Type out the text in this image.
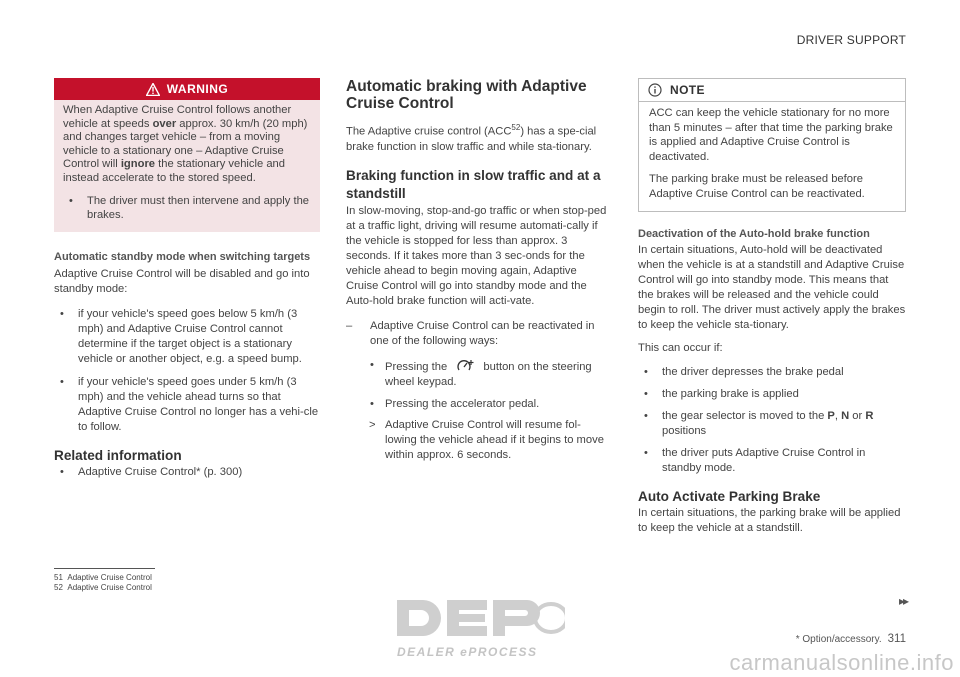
DRIVER SUPPORT
WARNING

When Adaptive Cruise Control follows another vehicle at speeds over approx. 30 km/h (20 mph) and changes target vehicle – from a moving vehicle to a stationary one – Adaptive Cruise Control will ignore the stationary vehicle and instead accelerate to the stored speed.

• The driver must then intervene and apply the brakes.
Automatic standby mode when switching targets
Adaptive Cruise Control will be disabled and go into standby mode:
• if your vehicle's speed goes below 5 km/h (3 mph) and Adaptive Cruise Control cannot determine if the target object is a stationary vehicle or another object, e.g. a speed bump.
• if your vehicle's speed goes under 5 km/h (3 mph) and the vehicle ahead turns so that Adaptive Cruise Control no longer has a vehi-cle to follow.
Related information
• Adaptive Cruise Control* (p. 300)
Automatic braking with Adaptive Cruise Control

The Adaptive cruise control (ACC$^{52}$) has a spe-cial brake function in slow traffic and while sta-tionary.

Braking function in slow traffic and at a standstill

In slow-moving, stop-and-go traffic or when stop-ped at a traffic light, driving will resume automati-cally if the vehicle is stopped for less than approx. 3 seconds. If it takes more than 3 sec-onds for the vehicle ahead to begin moving again, Adaptive Cruise Control will go into standby mode and the Auto-hold brake function will acti-vate.

– Adaptive Cruise Control can be reactivated in one of the following ways:
• Pressing the	button on the steering wheel keypad.
• Pressing the accelerator pedal.
> Adaptive Cruise Control will resume fol-lowing the vehicle ahead if it begins to move within approx. 6 seconds.
NOTE

ACC can keep the vehicle stationary for no more than 5 minutes – after that time the parking brake is applied and Adaptive Cruise Control is deactivated.

The parking brake must be released before Adaptive Cruise Control can be reactivated.

Deactivation of the Auto-hold brake function

In certain situations, Auto-hold will be deactivated when the vehicle is at a standstill and Adaptive Cruise Control will go into standby mode. This means that the brakes will be released and the vehicle could begin to roll. The driver must actively apply the brakes to keep the vehicle sta-tionary.

This can occur if:

• the driver depresses the brake pedal
• the parking brake is applied
• the gear selector is moved to the P, N or R positions
• the driver puts Adaptive Cruise Control in standby mode.
Auto Activate Parking Brake

In certain situations, the parking brake will be applied to keep the vehicle at a standstill.

51 Adaptive Cruise Control
52 Adaptive Cruise Control
▸▸
* Option/accessory. 311
DEALER ePROCESS	carmanualsonline.info
